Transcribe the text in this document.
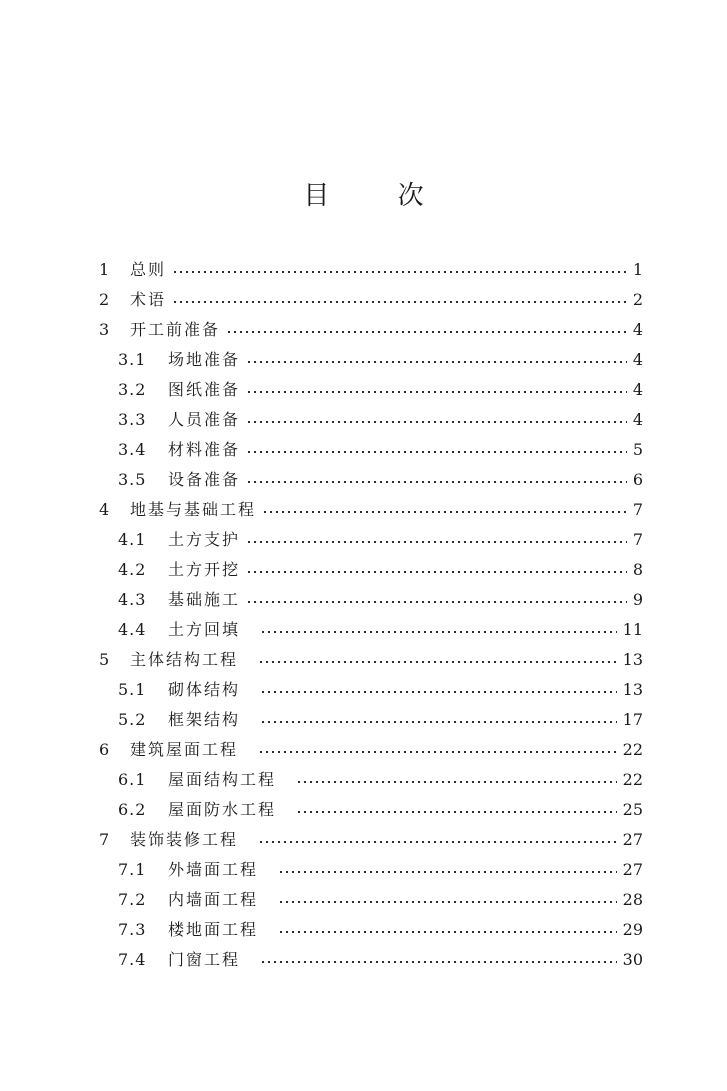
目 次
1	总则	1
2	术语	2
3	开工前准备	4
3.1	场地准备	4
3.2	图纸准备	4
3.3	人员准备	4
3.4	材料准备	5
3.5	设备准备	6
4	地基与基础工程	7
4.1	土方支护	7
4.2	土方开挖	8
4.3	基础施工	9
4.4	土方回填	11
5	主体结构工程	13
5.1	砌体结构	13
5.2	框架结构	17
6	建筑屋面工程	22
6.1	屋面结构工程	22
6.2	屋面防水工程	25
7	装饰装修工程	27
7.1	外墙面工程	27
7.2	内墙面工程	28
7.3	楼地面工程	29
7.4	门窗工程	30
